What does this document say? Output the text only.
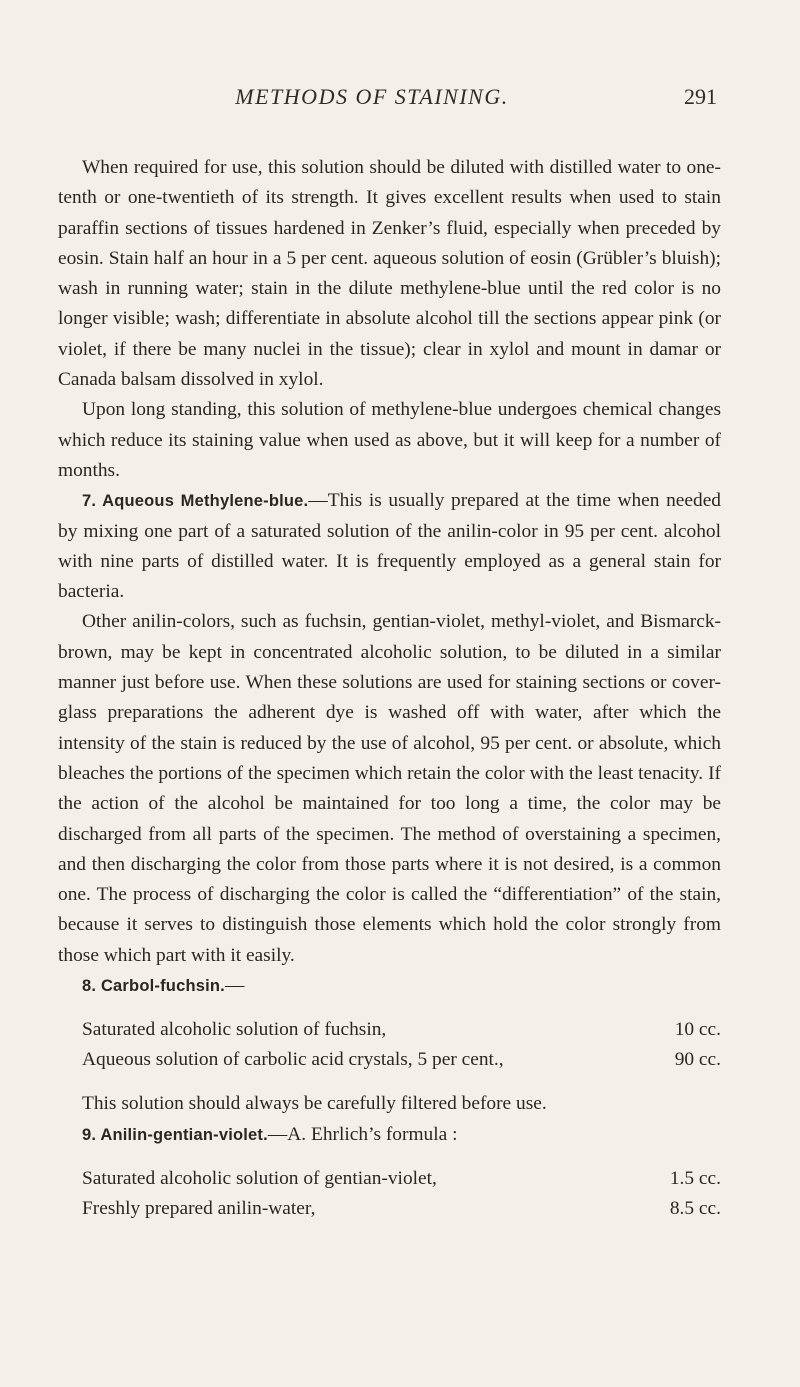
METHODS OF STAINING.	291

When required for use, this solution should be diluted with distilled water to one-tenth or one-twentieth of its strength. It gives excellent results when used to stain paraffin sections of tissues hardened in Zenker’s fluid, especially when preceded by eosin. Stain half an hour in a 5 per cent. aqueous solution of eosin (Grübler’s bluish); wash in running water; stain in the dilute methylene-blue until the red color is no longer visible; wash; differentiate in absolute alcohol till the sections appear pink (or violet, if there be many nuclei in the tissue); clear in xylol and mount in damar or Canada balsam dissolved in xylol.

Upon long standing, this solution of methylene-blue undergoes chemical changes which reduce its staining value when used as above, but it will keep for a number of months.

7. Aqueous Methylene-blue.—This is usually prepared at the time when needed by mixing one part of a saturated solution of the anilin-color in 95 per cent. alcohol with nine parts of distilled water. It is frequently employed as a general stain for bacteria.

Other anilin-colors, such as fuchsin, gentian-violet, methyl-violet, and Bismarck-brown, may be kept in concentrated alcoholic solution, to be diluted in a similar manner just before use. When these solutions are used for staining sections or cover-glass preparations the adherent dye is washed off with water, after which the intensity of the stain is reduced by the use of alcohol, 95 per cent. or absolute, which bleaches the portions of the specimen which retain the color with the least tenacity. If the action of the alcohol be maintained for too long a time, the color may be discharged from all parts of the specimen. The method of overstaining a specimen, and then discharging the color from those parts where it is not desired, is a common one. The process of discharging the color is called the “differentiation” of the stain, because it serves to distinguish those elements which hold the color strongly from those which part with it easily.

8. Carbol-fuchsin.—

Saturated alcoholic solution of fuchsin,	10 cc.
Aqueous solution of carbolic acid crystals, 5 per cent.,	90 cc.

This solution should always be carefully filtered before use.

9. Anilin-gentian-violet.—A. Ehrlich’s formula :

Saturated alcoholic solution of gentian-violet,	1.5 cc.
Freshly prepared anilin-water,	8.5 cc.
